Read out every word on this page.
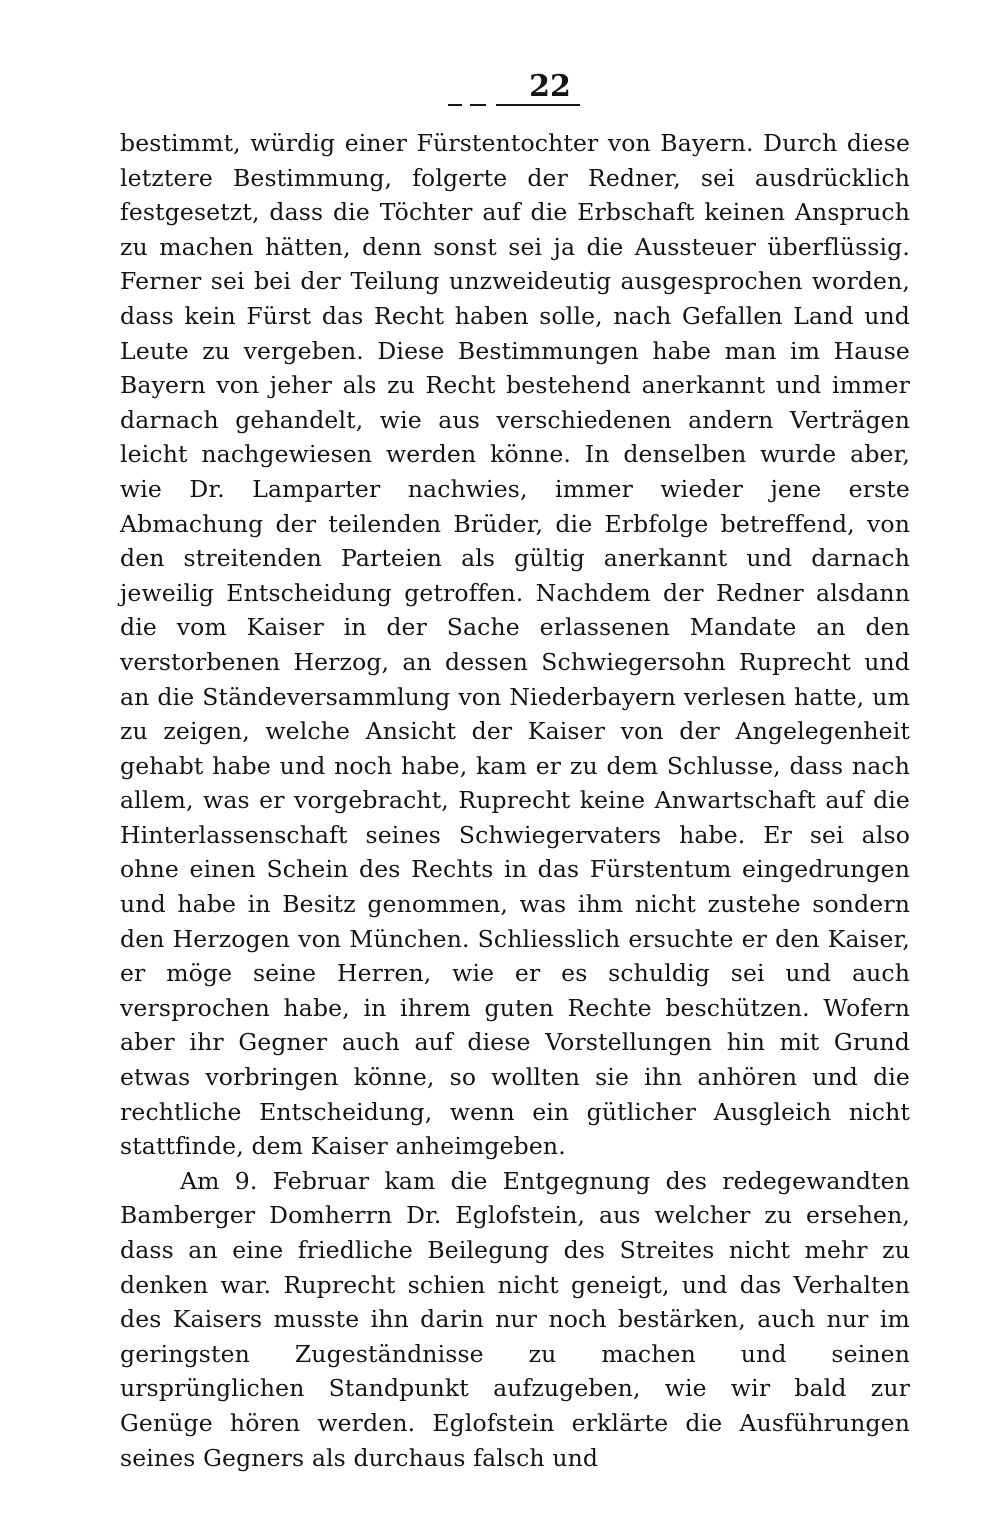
22

bestimmt, würdig einer Fürstentochter von Bayern. Durch diese letztere Bestimmung, folgerte der Redner, sei ausdrücklich festgesetzt, dass die Töchter auf die Erbschaft keinen Anspruch zu machen hätten, denn sonst sei ja die Aussteuer überflüssig. Ferner sei bei der Teilung unzweideutig ausgesprochen worden, dass kein Fürst das Recht haben solle, nach Gefallen Land und Leute zu vergeben. Diese Bestimmungen habe man im Hause Bayern von jeher als zu Recht bestehend anerkannt und immer darnach gehandelt, wie aus verschiedenen andern Verträgen leicht nachgewiesen werden könne. In denselben wurde aber, wie Dr. Lamparter nachwies, immer wieder jene erste Abmachung der teilenden Brüder, die Erbfolge betreffend, von den streitenden Parteien als gültig anerkannt und darnach jeweilig Entscheidung getroffen. Nachdem der Redner alsdann die vom Kaiser in der Sache erlassenen Mandate an den verstorbenen Herzog, an dessen Schwiegersohn Ruprecht und an die Ständeversammlung von Niederbayern verlesen hatte, um zu zeigen, welche Ansicht der Kaiser von der Angelegenheit gehabt habe und noch habe, kam er zu dem Schlusse, dass nach allem, was er vorgebracht, Ruprecht keine Anwartschaft auf die Hinterlassenschaft seines Schwiegervaters habe. Er sei also ohne einen Schein des Rechts in das Fürstentum eingedrungen und habe in Besitz genommen, was ihm nicht zustehe sondern den Herzogen von München. Schliesslich ersuchte er den Kaiser, er möge seine Herren, wie er es schuldig sei und auch versprochen habe, in ihrem guten Rechte beschützen. Wofern aber ihr Gegner auch auf diese Vorstellungen hin mit Grund etwas vorbringen könne, so wollten sie ihn anhören und die rechtliche Entscheidung, wenn ein gütlicher Ausgleich nicht stattfinde, dem Kaiser anheimgeben.

Am 9. Februar kam die Entgegnung des redegewandten Bamberger Domherrn Dr. Eglofstein, aus welcher zu ersehen, dass an eine friedliche Beilegung des Streites nicht mehr zu denken war. Ruprecht schien nicht geneigt, und das Verhalten des Kaisers musste ihn darin nur noch bestärken, auch nur im geringsten Zugeständnisse zu machen und seinen ursprünglichen Standpunkt aufzugeben, wie wir bald zur Genüge hören werden. Eglofstein erklärte die Ausführungen seines Gegners als durchaus falsch und
